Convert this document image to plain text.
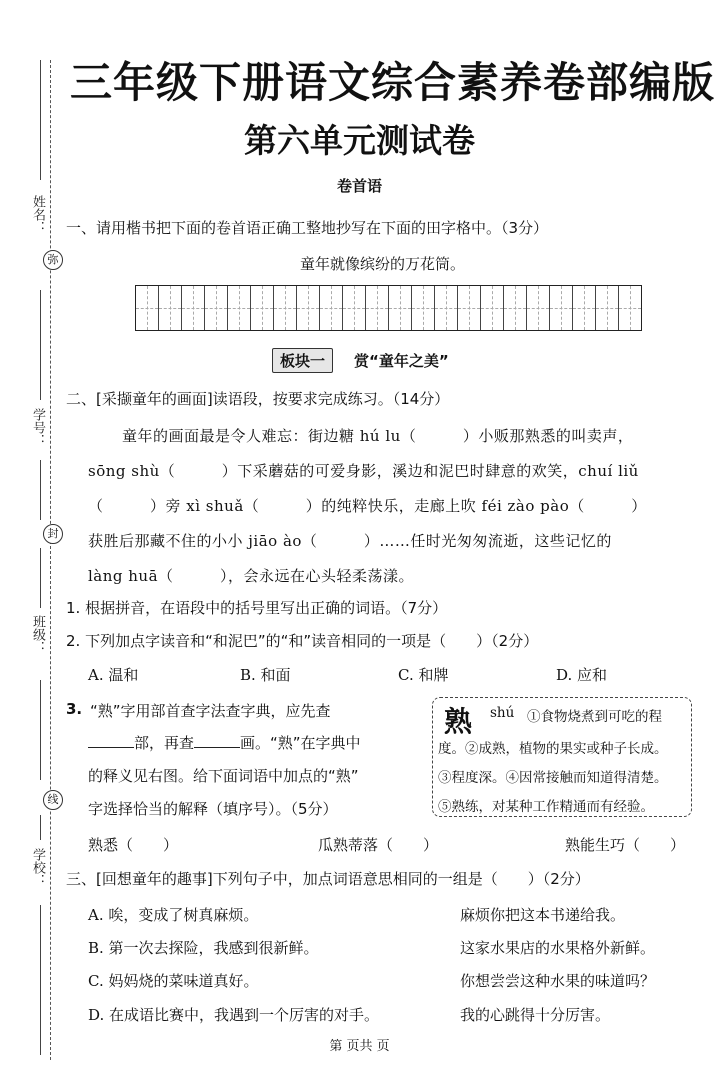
姓名：
弥
学号：
封
班级：
线
学校：
三年级下册语文综合素养卷部编版
第六单元测试卷
卷首语
一、请用楷书把下面的卷首语正确工整地抄写在下面的田字格中。（3分）
童年就像缤纷的万花筒。
板块一	赏“童年之美”
二、[采撷童年的画面]读语段，按要求完成练习。（14分）
童年的画面最是令人难忘：街边糖 hú lu（　　　）小贩那熟悉的叫卖声，
sōng shù（　　　）下采蘑菇的可爱身影，溪边和泥巴时肆意的欢笑，chuí liǔ
（　　　）旁 xì shuǎ（　　　）的纯粹快乐，走廊上吹 féi zào pào（　　　）
获胜后那藏不住的小小 jiāo ào（　　　）……任时光匆匆流逝，这些记忆的
làng huā（　　　），会永远在心头轻柔荡漾。
1. 根据拼音，在语段中的括号里写出正确的词语。（7分）
2. 下列加点字读音和“和泥巴”的“和”读音相同的一项是（　　）（2分）
A. 温和	B. 和面	C. 和牌	D. 应和
3. “熟”字用部首查字法查字典，应先查
部，再查	画。“熟”在字典中
的释义见右图。给下面词语中加点的“熟”
字选择恰当的解释（填序号）。（5分）
熟悉（　　）	瓜熟蒂落（　　）	熟能生巧（　　）
熟 shú ①食物烧煮到可吃的程
度。②成熟，植物的果实或种子长成。
③程度深。④因常接触而知道得清楚。
⑤熟练，对某种工作精通而有经验。
三、[回想童年的趣事]下列句子中，加点词语意思相同的一组是（　　）（2分）
A. 唉，变成了树真麻烦。	麻烦你把这本书递给我。
B. 第一次去探险，我感到很新鲜。	这家水果店的水果格外新鲜。
C. 妈妈烧的菜味道真好。	你想尝尝这种水果的味道吗？
D. 在成语比赛中，我遇到一个厉害的对手。	我的心跳得十分厉害。
第 页共 页
